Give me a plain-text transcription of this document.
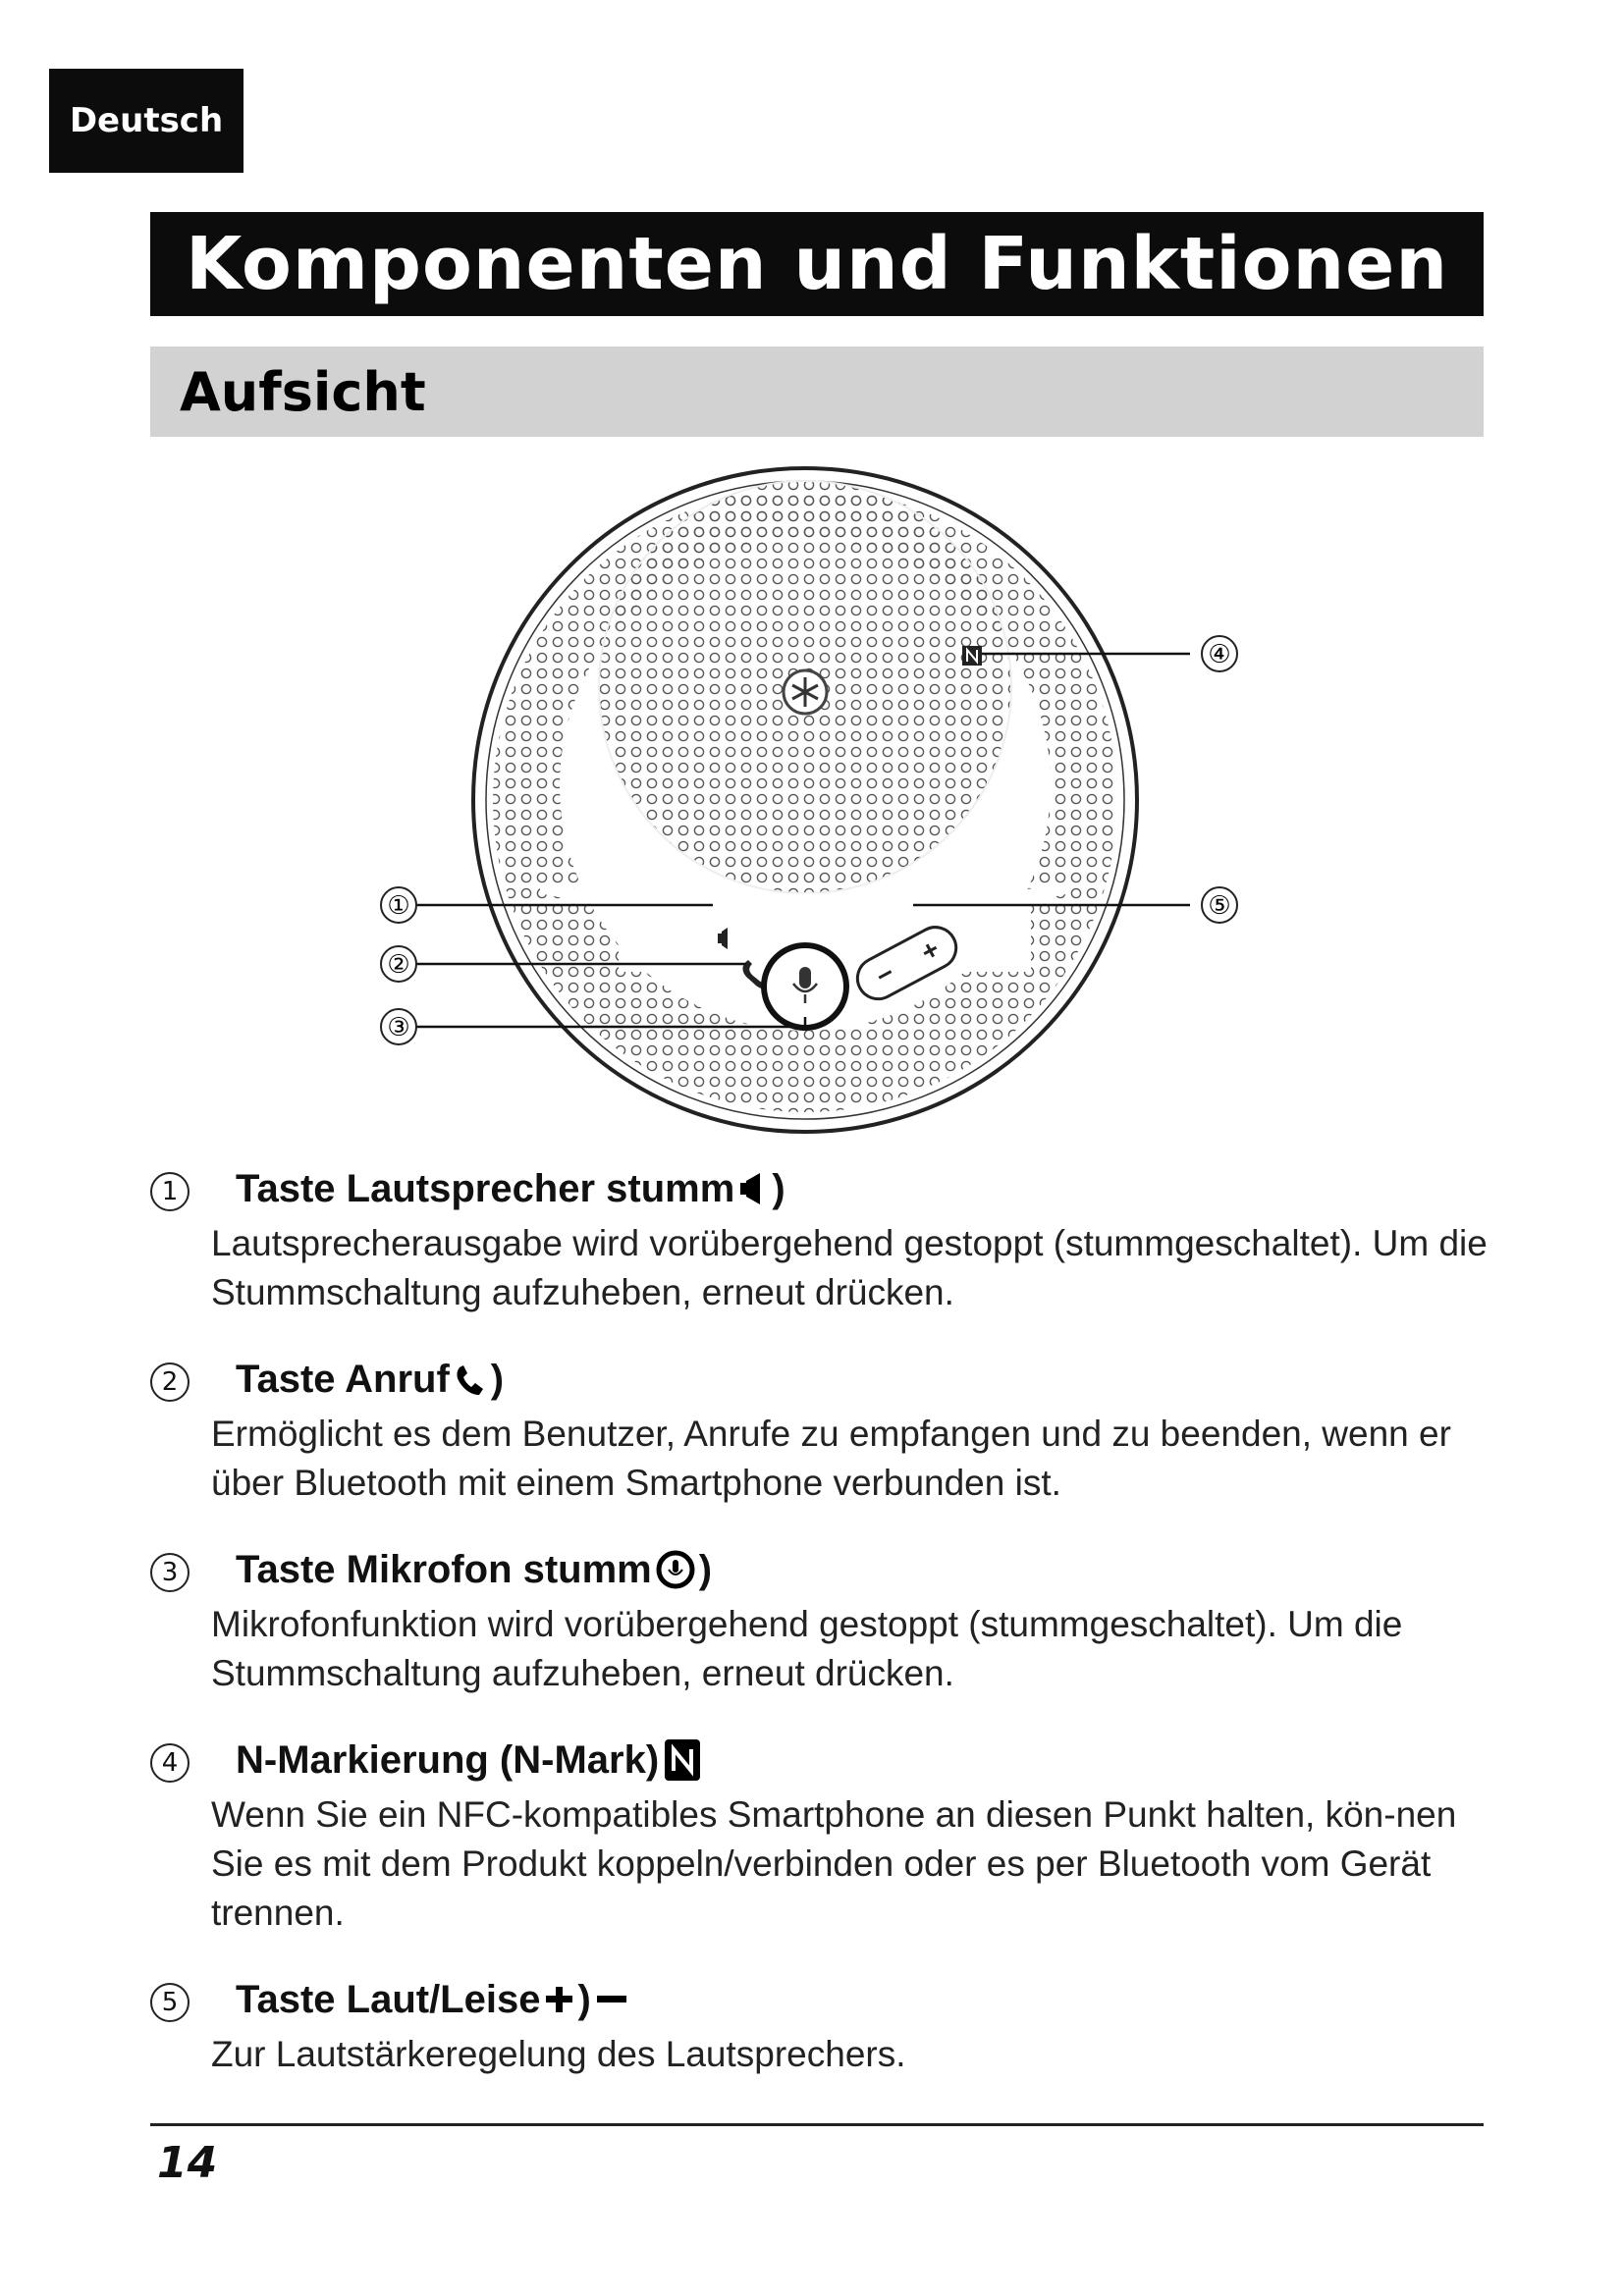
Deutsch
Komponenten und Funktionen
Aufsicht
④
①
②
③
⑤
1 Taste Lautsprecher stumm )
Lautsprecherausgabe wird vorübergehend gestoppt (stummgeschaltet). Um die Stummschaltung aufzuheben, erneut drücken.
2 Taste Anruf )
Ermöglicht es dem Benutzer, Anrufe zu empfangen und zu beenden, wenn er über Bluetooth mit einem Smartphone verbunden ist.
3 Taste Mikrofon stumm )
Mikrofonfunktion wird vorübergehend gestoppt (stummgeschaltet). Um die Stummschaltung aufzuheben, erneut drücken.
4 N-Markierung (N-Mark)
Wenn Sie ein NFC-kompatibles Smartphone an diesen Punkt halten, kön-nen Sie es mit dem Produkt koppeln/verbinden oder es per Bluetooth vom Gerät trennen.
5 Taste Laut/Leise )
Zur Lautstärkeregelung des Lautsprechers.
14
